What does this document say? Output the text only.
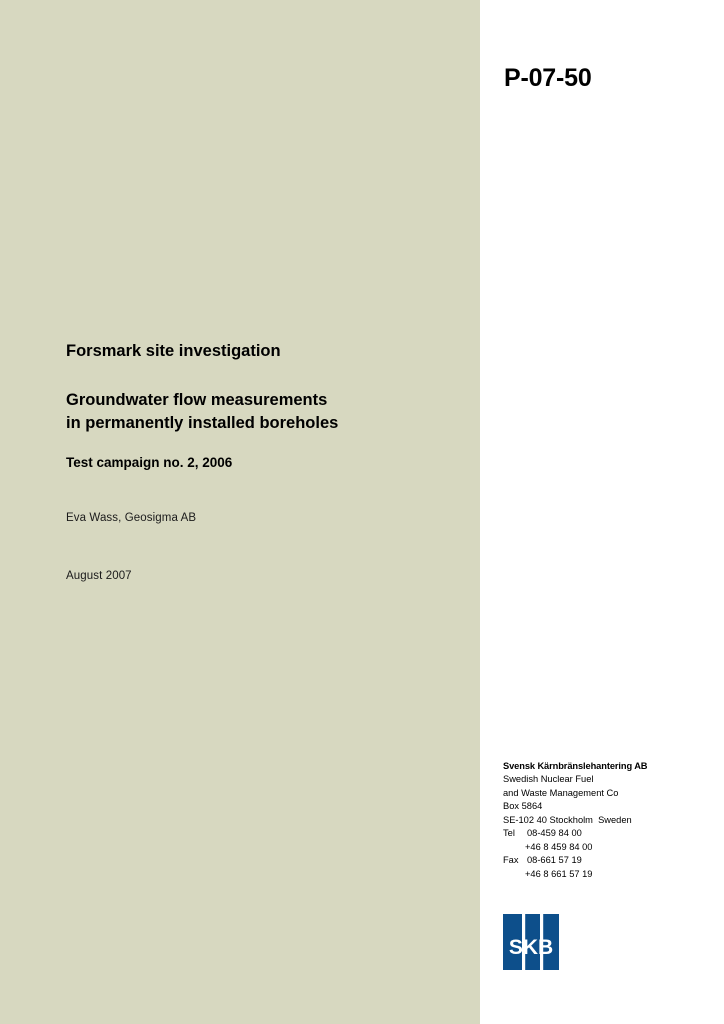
P-07-50
Forsmark site investigation
Groundwater flow measurements
in permanently installed boreholes
Test campaign no. 2, 2006
Eva Wass, Geosigma AB
August 2007
Svensk Kärnbränslehantering AB
Swedish Nuclear Fuel
and Waste Management Co
Box 5864
SE-102 40 Stockholm  Sweden
Tel	08-459 84 00
+46 8 459 84 00
Fax 08-661 57 19
+46 8 661 57 19
SKB
